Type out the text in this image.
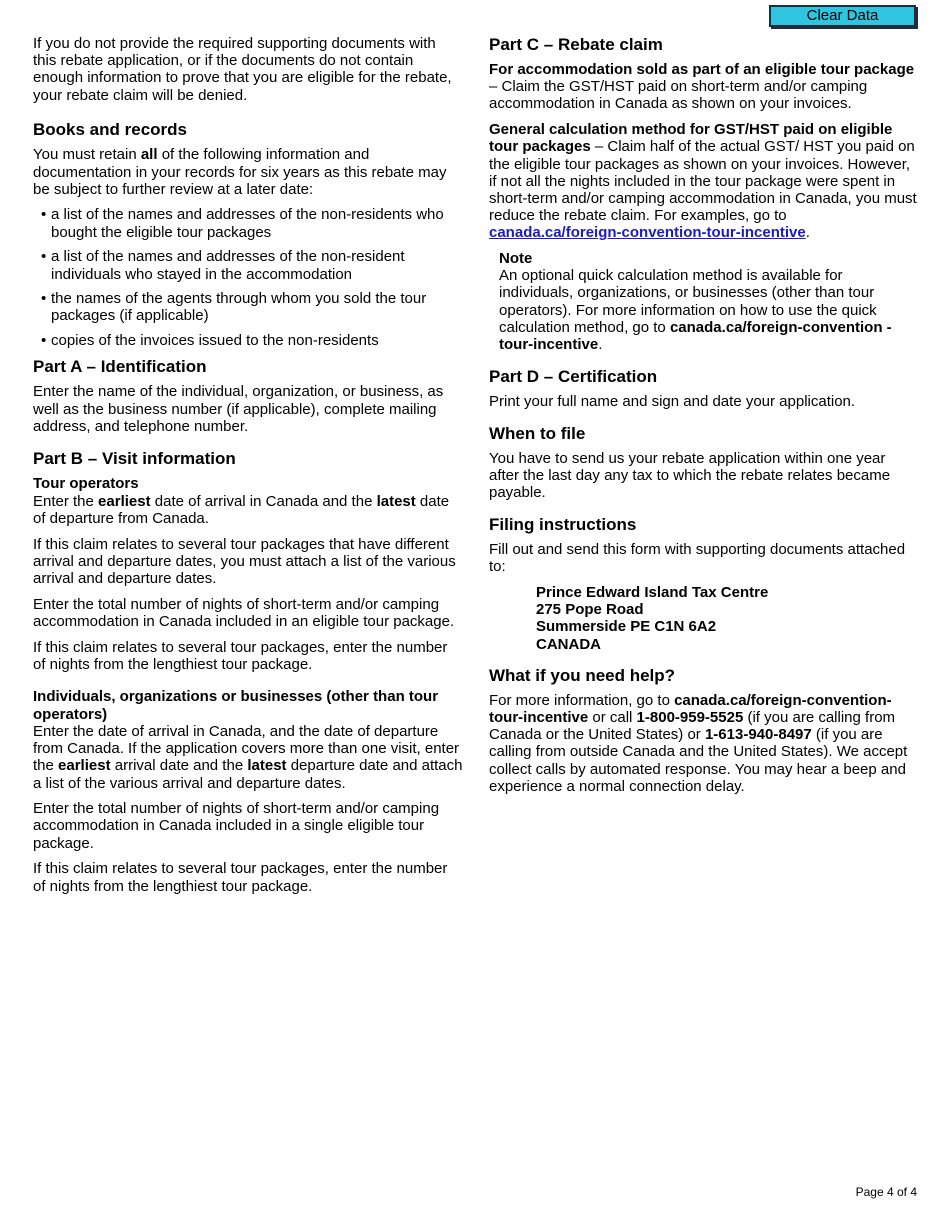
Clear Data

If you do not provide the required supporting documents with this rebate application, or if the documents do not contain enough information to prove that you are eligible for the rebate, your rebate claim will be denied.

Books and records

You must retain all of the following information and documentation in your records for six years as this rebate may be subject to further review at a later date:

• a list of the names and addresses of the non-residents who bought the eligible tour packages
• a list of the names and addresses of the non-resident individuals who stayed in the accommodation
• the names of the agents through whom you sold the tour packages (if applicable)
• copies of the invoices issued to the non-residents
Part A – Identification

Enter the name of the individual, organization, or business, as well as the business number (if applicable), complete mailing address, and telephone number.

Part B – Visit information
Tour operators

Enter the earliest date of arrival in Canada and the latest date of departure from Canada.

If this claim relates to several tour packages that have different arrival and departure dates, you must attach a list of the various arrival and departure dates.

Enter the total number of nights of short-term and/or camping accommodation in Canada included in an eligible tour package.

If this claim relates to several tour packages, enter the number of nights from the lengthiest tour package.

Individuals, organizations or businesses (other than tour operators)

Enter the date of arrival in Canada, and the date of departure from Canada. If the application covers more than one visit, enter the earliest arrival date and the latest departure date and attach a list of the various arrival and departure dates.

Enter the total number of nights of short-term and/or camping accommodation in Canada included in a single eligible tour package.

If this claim relates to several tour packages, enter the number of nights from the lengthiest tour package.

Part C – Rebate claim

For accommodation sold as part of an eligible tour package – Claim the GST/HST paid on short-term and/or camping accommodation in Canada as shown on your invoices.

General calculation method for GST/HST paid on eligible tour packages – Claim half of the actual GST/ HST you paid on the eligible tour packages as shown on your invoices. However, if not all the nights included in the tour package were spent in short-term and/or camping accommodation in Canada, you must reduce the rebate claim. For examples, go to canada.ca/foreign-convention-tour-incentive.

Note
An optional quick calculation method is available for individuals, organizations, or businesses (other than tour operators). For more information on how to use the quick calculation method, go to canada.ca/foreign-convention -tour-incentive.
Part D – Certification

Print your full name and sign and date your application.

When to file

You have to send us your rebate application within one year after the last day any tax to which the rebate relates became payable.

Filing instructions

Fill out and send this form with supporting documents attached to:

Prince Edward Island Tax Centre
275 Pope Road
Summerside PE C1N 6A2
CANADA
What if you need help?

For more information, go to canada.ca/foreign-convention-tour-incentive or call 1-800-959-5525 (if you are calling from Canada or the United States) or 1-613-940-8497 (if you are calling from outside Canada and the United States). We accept collect calls by automated response. You may hear a beep and experience a normal connection delay.

Page 4 of 4
